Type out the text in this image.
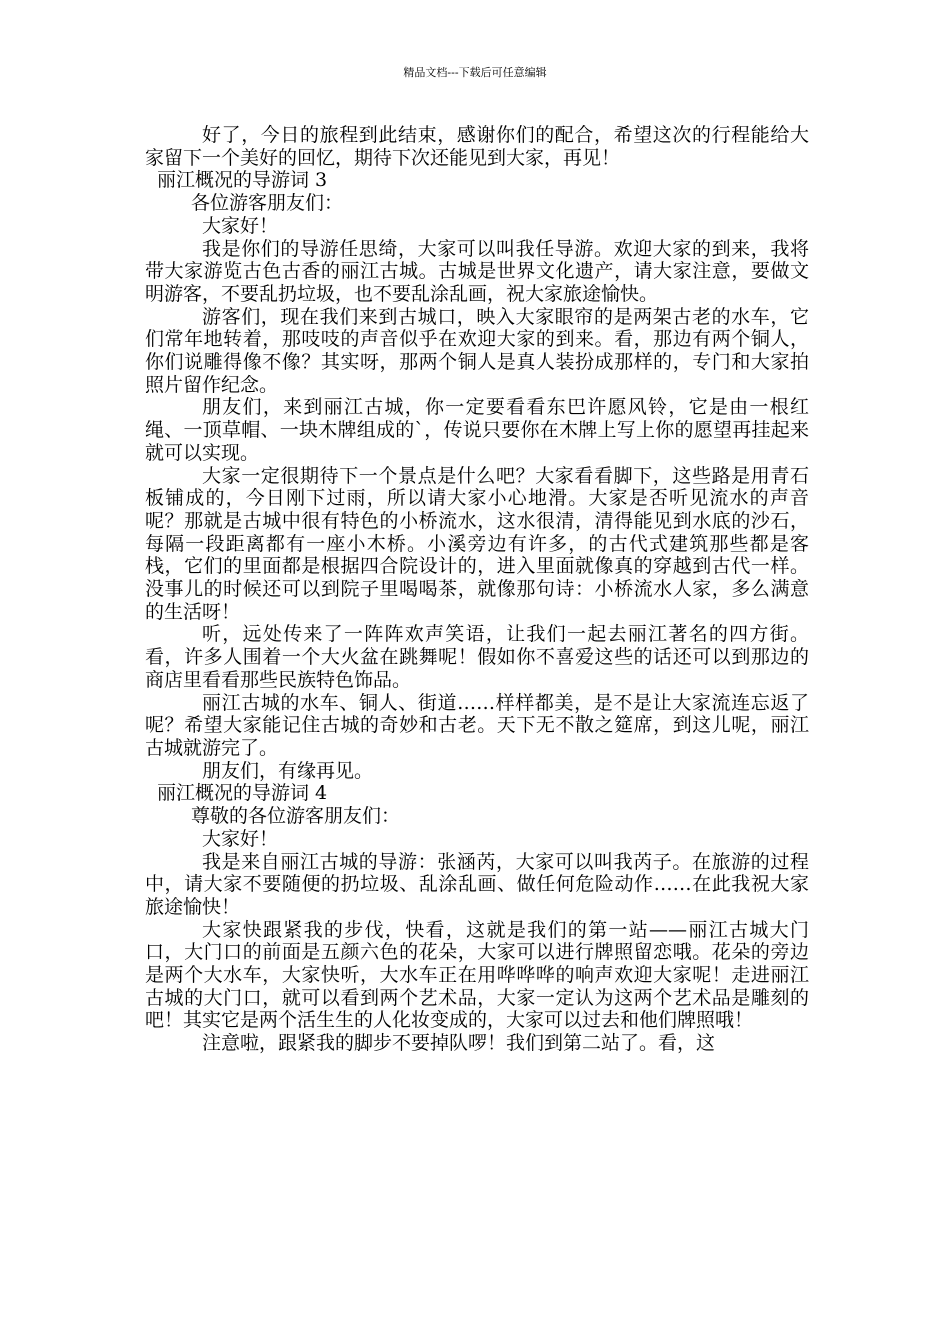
精品文档---下载后可任意编辑

好了，今日的旅程到此结束，感谢你们的配合，希望这次的行程能给大家留下一个美好的回忆，期待下次还能见到大家，再见！

丽江概况的导游词 3

各位游客朋友们：

大家好！

我是你们的导游任思绮，大家可以叫我任导游。欢迎大家的到来，我将带大家游览古色古香的丽江古城。古城是世界文化遗产，请大家注意，要做文明游客，不要乱扔垃圾，也不要乱涂乱画，祝大家旅途愉快。

游客们，现在我们来到古城口，映入大家眼帘的是两架古老的水车，它们常年地转着，那吱吱的声音似乎在欢迎大家的到来。看，那边有两个铜人，你们说雕得像不像？其实呀，那两个铜人是真人装扮成那样的，专门和大家拍照片留作纪念。

朋友们，来到丽江古城，你一定要看看东巴许愿风铃，它是由一根红绳、一顶草帽、一块木牌组成的`，传说只要你在木牌上写上你的愿望再挂起来就可以实现。

大家一定很期待下一个景点是什么吧？大家看看脚下，这些路是用青石板铺成的，今日刚下过雨，所以请大家小心地滑。大家是否听见流水的声音呢？那就是古城中很有特色的小桥流水，这水很清，清得能见到水底的沙石，每隔一段距离都有一座小木桥。小溪旁边有许多，的古代式建筑那些都是客栈，它们的里面都是根据四合院设计的，进入里面就像真的穿越到古代一样。没事儿的时候还可以到院子里喝喝茶，就像那句诗：小桥流水人家，多么满意的生活呀！

听，远处传来了一阵阵欢声笑语，让我们一起去丽江著名的四方街。看，许多人围着一个大火盆在跳舞呢！假如你不喜爱这些的话还可以到那边的商店里看看那些民族特色饰品。

丽江古城的水车、铜人、街道……样样都美，是不是让大家流连忘返了呢？希望大家能记住古城的奇妙和古老。天下无不散之筵席，到这儿呢，丽江古城就游完了。

朋友们，有缘再见。

丽江概况的导游词 4

尊敬的各位游客朋友们：

大家好！

我是来自丽江古城的导游：张涵芮，大家可以叫我芮子。在旅游的过程中，请大家不要随便的扔垃圾、乱涂乱画、做任何危险动作……在此我祝大家旅途愉快！

大家快跟紧我的步伐，快看，这就是我们的第一站——丽江古城大门口，大门口的前面是五颜六色的花朵，大家可以进行牌照留恋哦。花朵的旁边是两个大水车，大家快听，大水车正在用哗哗哗的响声欢迎大家呢！走进丽江古城的大门口，就可以看到两个艺术品，大家一定认为这两个艺术品是雕刻的吧！其实它是两个活生生的人化妆变成的，大家可以过去和他们牌照哦！

注意啦，跟紧我的脚步不要掉队啰！我们到第二站了。看，这
